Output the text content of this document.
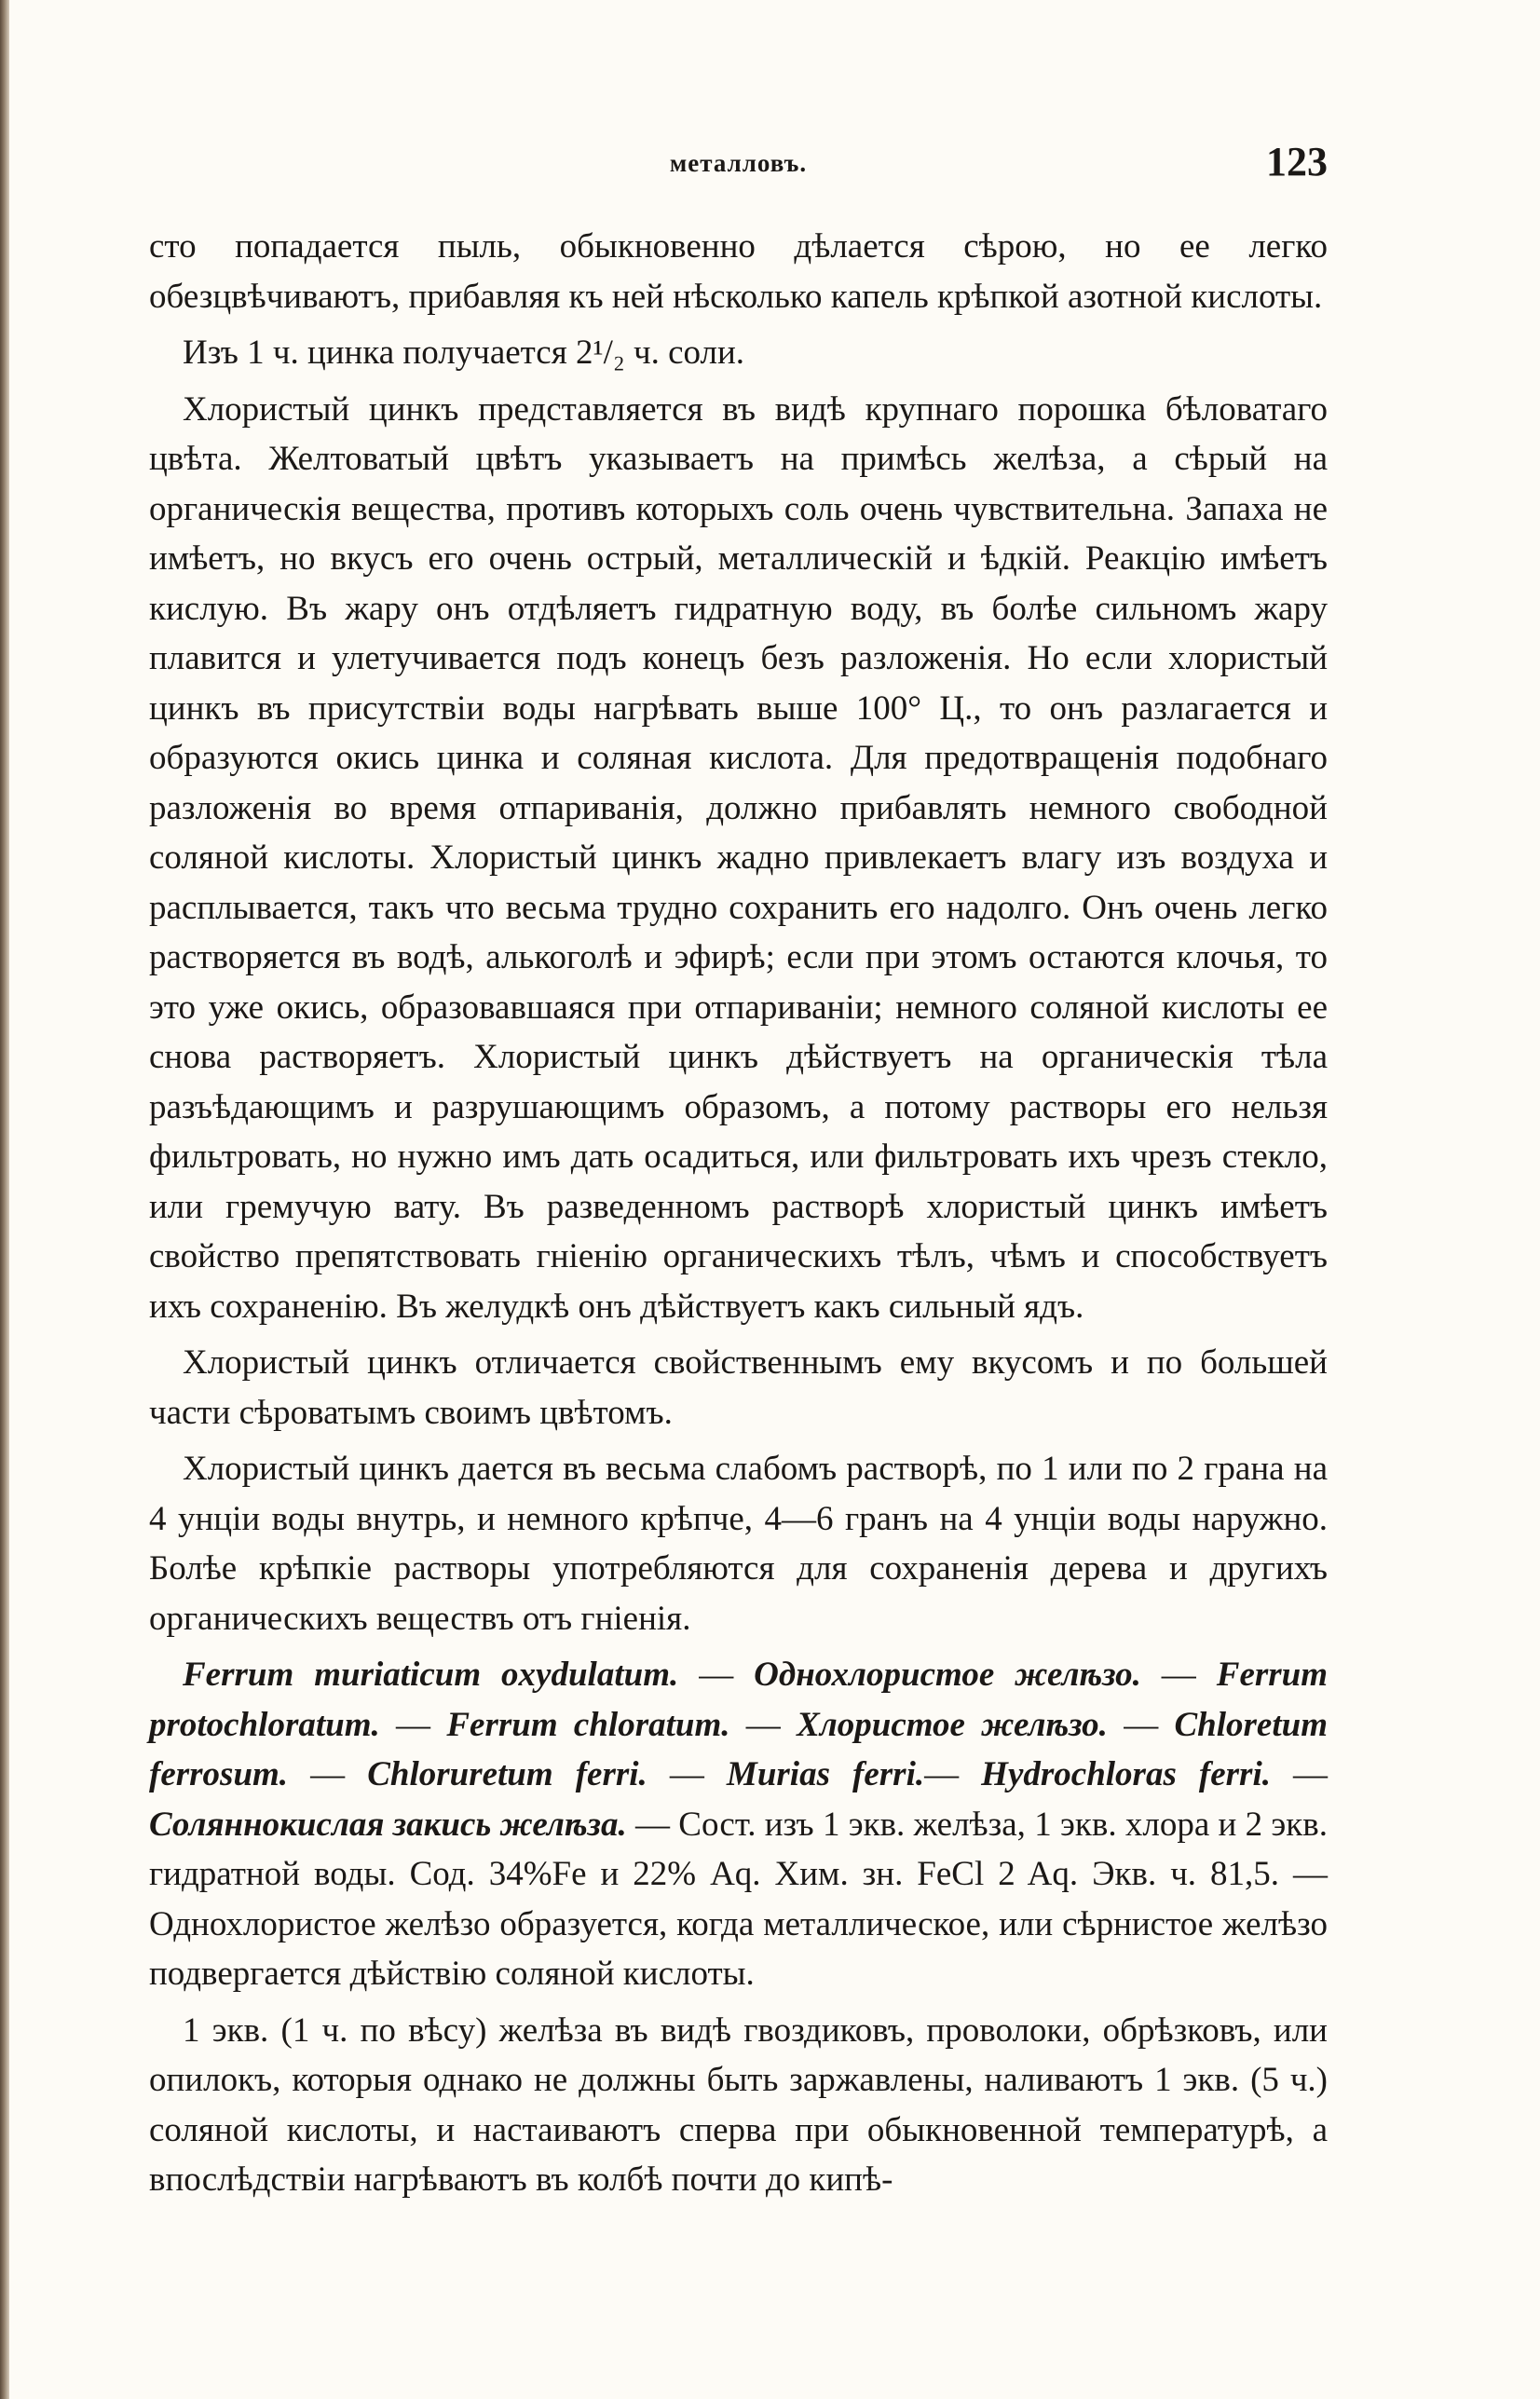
металловъ.	123

сто попадается пыль, обыкновенно дѣлается сѣрою, но ее легко обезцвѣчиваютъ, прибавляя къ ней нѣсколько капель крѣпкой азотной кислоты.

Изъ 1 ч. цинка получается 2¹/₂ ч. соли.

Хлористый цинкъ представляется въ видѣ крупнаго порошка бѣловатаго цвѣта. Желтоватый цвѣтъ указываетъ на примѣсь желѣза, а сѣрый на органическія вещества, противъ которыхъ соль очень чувствительна. Запаха не имѣетъ, но вкусъ его очень острый, металлическій и ѣдкій. Реакцію имѣетъ кислую. Въ жару онъ отдѣляетъ гидратную воду, въ болѣе сильномъ жару плавится и улетучивается подъ конецъ безъ разложенія. Но если хлористый цинкъ въ присутствіи воды нагрѣвать выше 100° Ц., то онъ разлагается и образуются окись цинка и соляная кислота. Для предотвращенія подобнаго разложенія во время отпариванія, должно прибавлять немного свободной соляной кислоты. Хлористый цинкъ жадно привлекаетъ влагу изъ воздуха и расплывается, такъ что весьма трудно сохранить его надолго. Онъ очень легко растворяется въ водѣ, алькоголѣ и эфирѣ; если при этомъ остаются клочья, то это уже окись, образовавшаяся при отпариваніи; немного соляной кислоты ее снова растворяетъ. Хлористый цинкъ дѣйствуетъ на органическія тѣла разъѣдающимъ и разрушающимъ образомъ, а потому растворы его нельзя фильтровать, но нужно имъ дать осадиться, или фильтровать ихъ чрезъ стекло, или гремучую вату. Въ разведенномъ растворѣ хлористый цинкъ имѣетъ свойство препятствовать гніенію органическихъ тѣлъ, чѣмъ и способствуетъ ихъ сохраненію. Въ желудкѣ онъ дѣйствуетъ какъ сильный ядъ.

Хлористый цинкъ отличается свойственнымъ ему вкусомъ и по большей части сѣроватымъ своимъ цвѣтомъ.

Хлористый цинкъ дается въ весьма слабомъ растворѣ, по 1 или по 2 грана на 4 унціи воды внутрь, и немного крѣпче, 4—6 гранъ на 4 унціи воды наружно. Болѣе крѣпкіе растворы употребляются для сохраненія дерева и другихъ органическихъ веществъ отъ гніенія.

Ferrum muriaticum oxydulatum. — Однохлористое желѣзо. — Ferrum protochloratum. — Ferrum chloratum. — Хлористое желѣзо. — Chloretum ferrosum. — Chloruretum ferri. — Murias ferri.— Hydrochloras ferri. — Соляннокислая закись желѣза. — Сост. изъ 1 экв. желѣза, 1 экв. хлора и 2 экв. гидратной воды. Сод. 34%Fe и 22% Aq. Хим. зн. FeCl 2 Aq. Экв. ч. 81,5. — Однохлористое желѣзо образуется, когда металлическое, или сѣрнистое желѣзо подвергается дѣйствію соляной кислоты.

1 экв. (1 ч. по вѣсу) желѣза въ видѣ гвоздиковъ, проволоки, обрѣзковъ, или опилокъ, которыя однако не должны быть заржавлены, наливаютъ 1 экв. (5 ч.) соляной кислоты, и настаиваютъ сперва при обыкновенной температурѣ, а впослѣдствіи нагрѣваютъ въ колбѣ почти до кипѣ-
